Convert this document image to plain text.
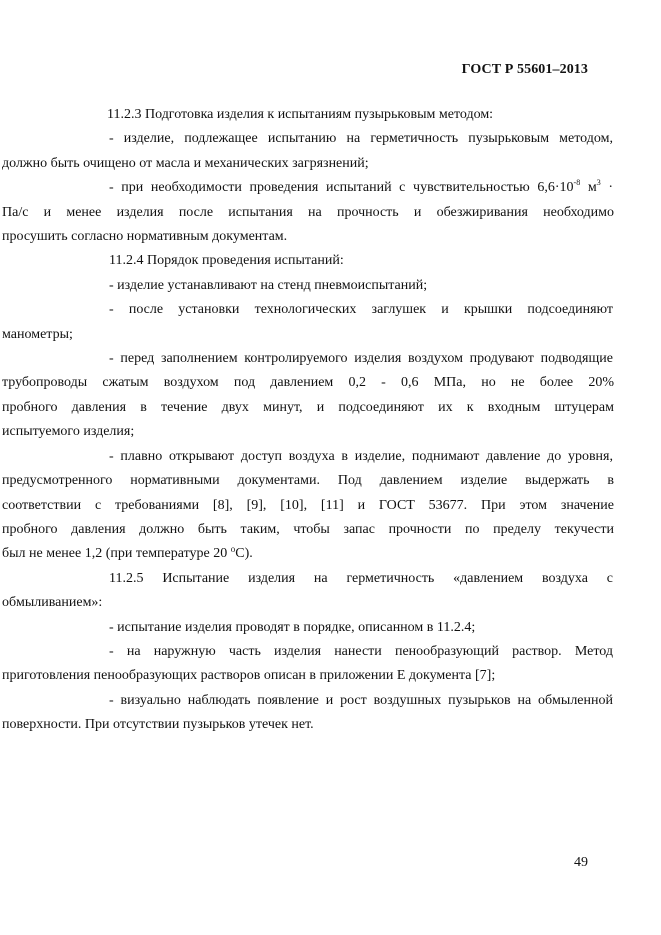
ГОСТ Р 55601–2013
11.2.3 Подготовка изделия к испытаниям пузырьковым методом:
- изделие, подлежащее испытанию на герметичность пузырьковым методом,
должно быть очищено от масла и механических загрязнений;
- при необходимости проведения испытаний с чувствительностью $6,6\cdot 10^{-8}$ $м^3$ ·
Па/с и менее изделия после испытания на прочность и обезжиривания необходимо
просушить согласно нормативным документам.
11.2.4 Порядок проведения испытаний:
- изделие устанавливают на стенд пневмоиспытаний;
- после установки технологических заглушек и крышки подсоединяют
манометры;
- перед заполнением контролируемого изделия воздухом продувают подводящие
трубопроводы сжатым воздухом под давлением 0,2 - 0,6 МПа, но не более 20%
пробного давления в течение двух минут, и подсоединяют их к входным штуцерам
испытуемого изделия;
- плавно открывают доступ воздуха в изделие, поднимают давление до уровня,
предусмотренного нормативными документами. Под давлением изделие выдержать в
соответствии с требованиями [8], [9], [10], [11] и ГОСТ 53677. При этом значение
пробного давления должно быть таким, чтобы запас прочности по пределу текучести
был не менее 1,2 (при температуре 20 $^о$С).
11.2.5 Испытание изделия на герметичность «давлением воздуха с
обмыливанием»:
- испытание изделия проводят в порядке, описанном в 11.2.4;
- на наружную часть изделия нанести пенообразующий раствор. Метод
приготовления пенообразующих растворов описан в приложении Е документа [7];
- визуально наблюдать появление и рост воздушных пузырьков на обмыленной
поверхности. При отсутствии пузырьков утечек нет.
49
